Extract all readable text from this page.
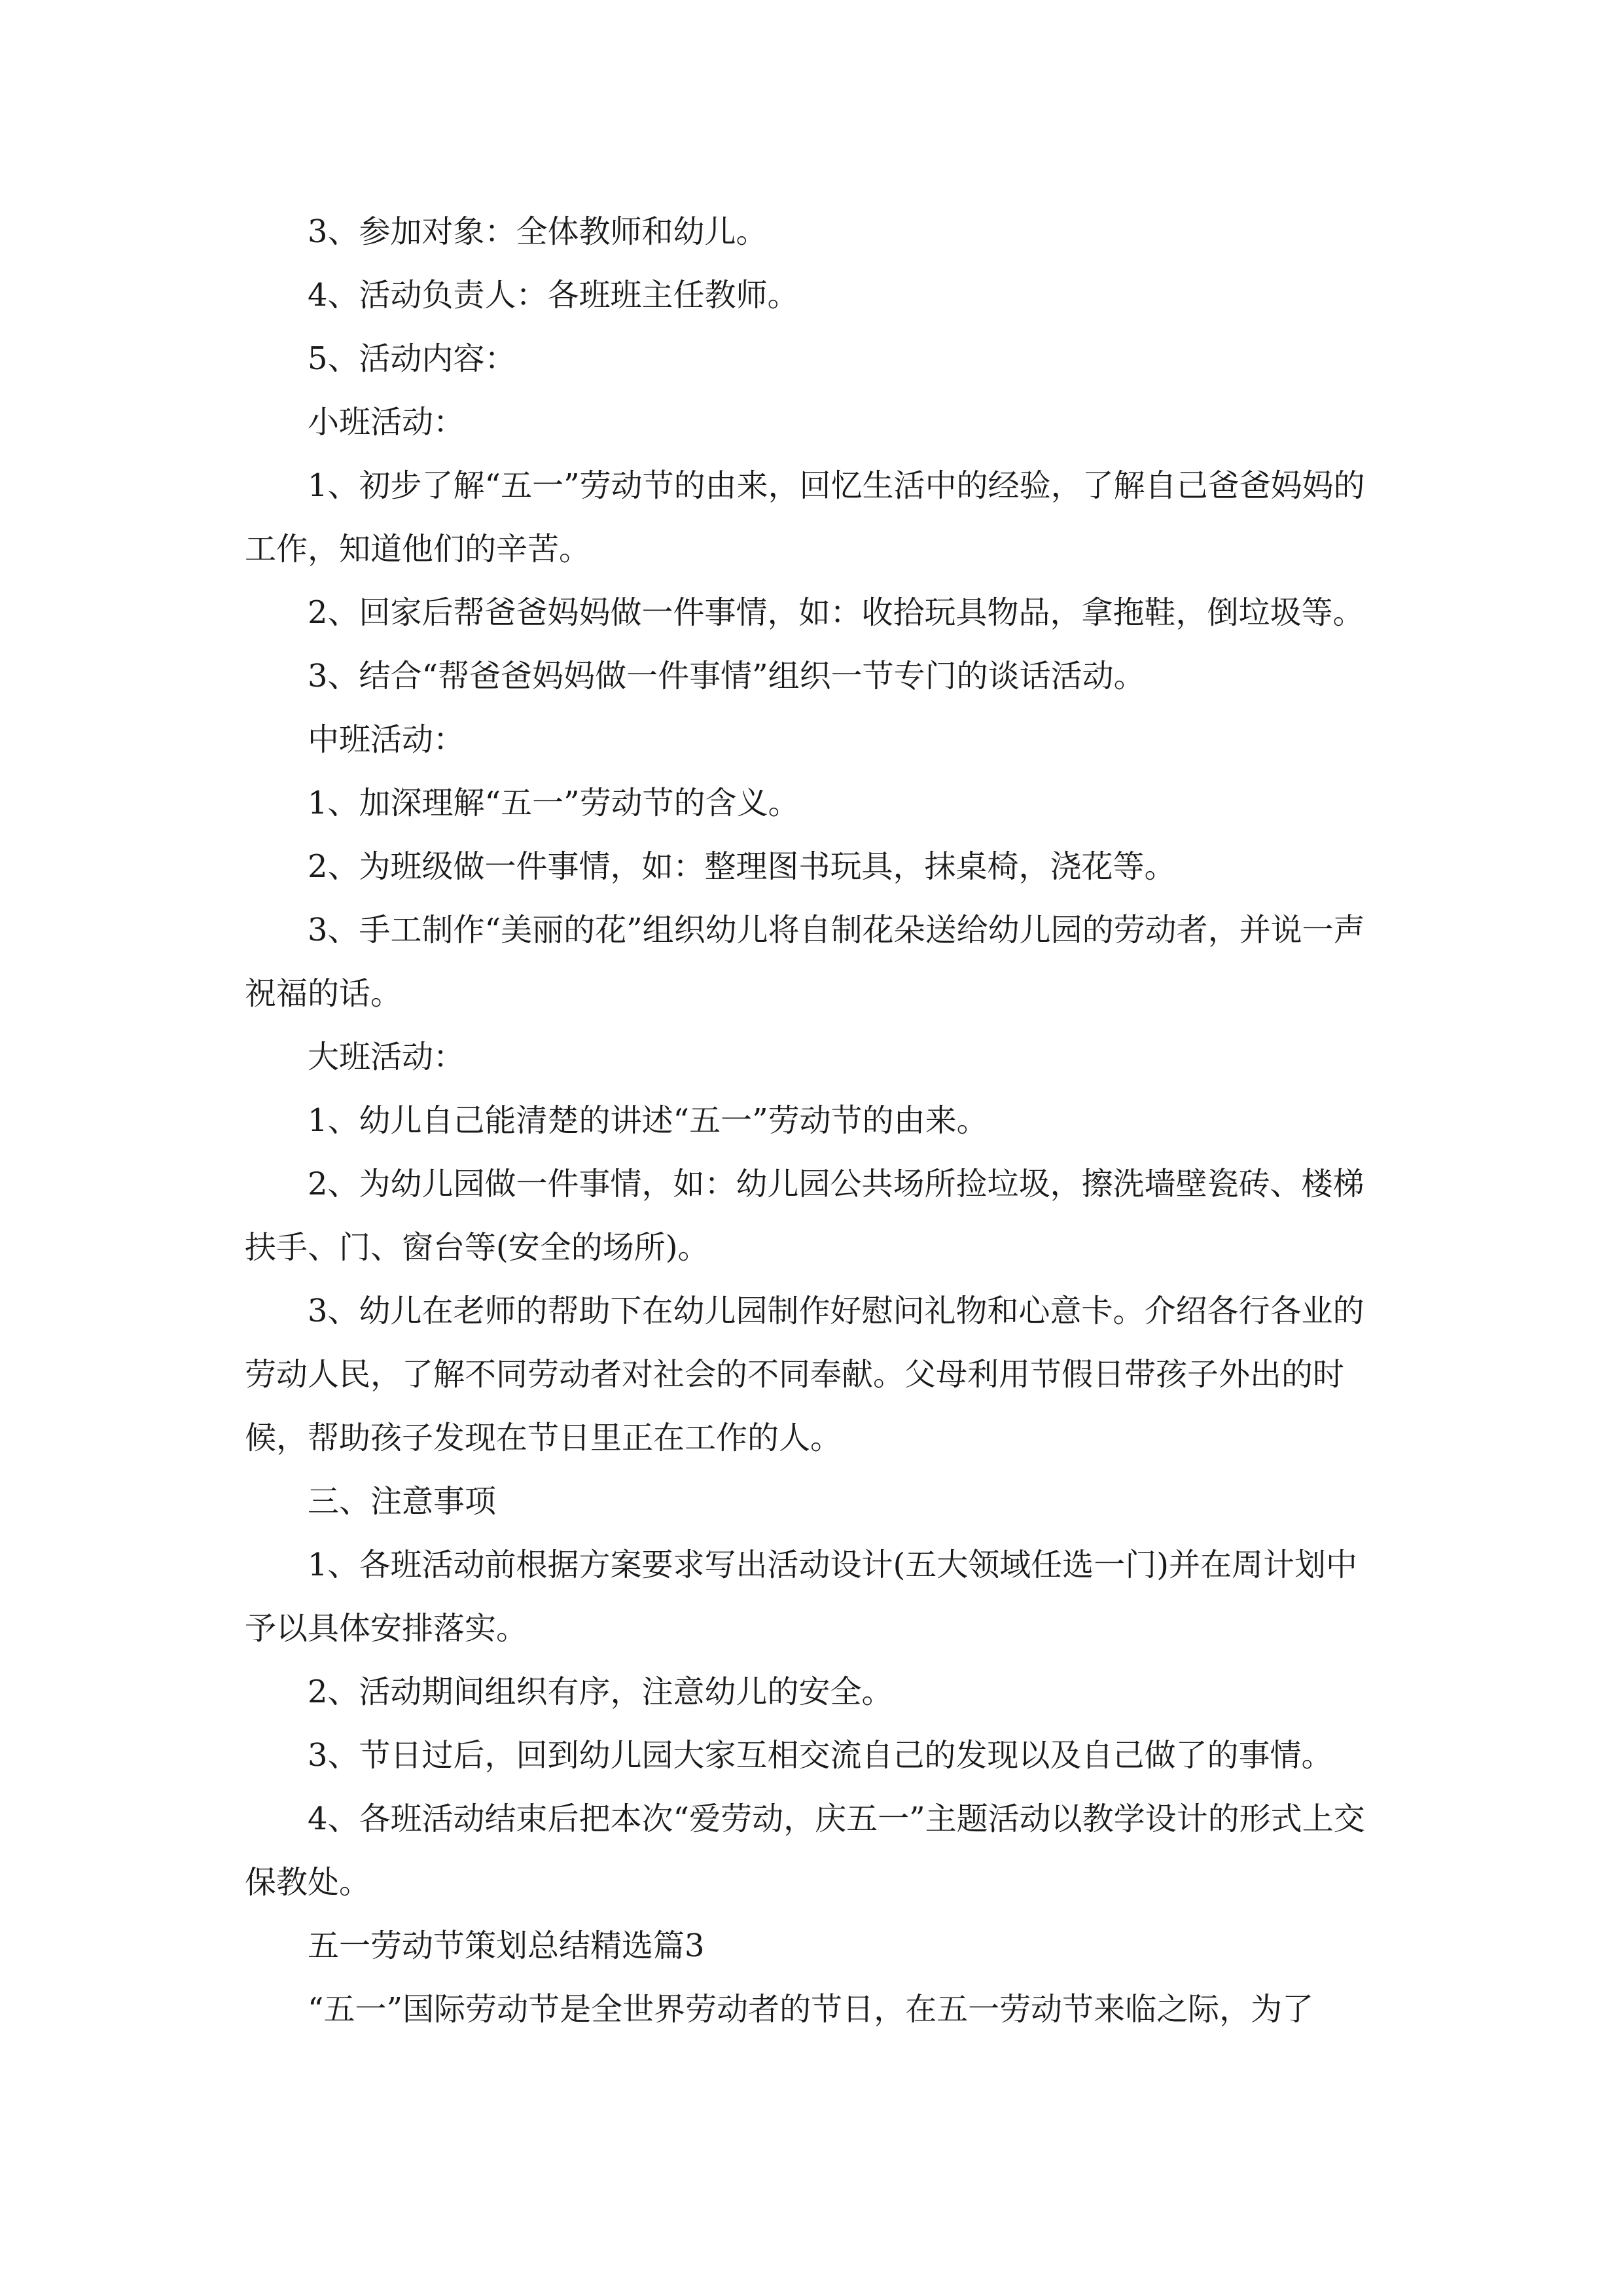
3、参加对象：全体教师和幼儿。

4、活动负责人：各班班主任教师。

5、活动内容：

小班活动：

1、初步了解“五一”劳动节的由来，回忆生活中的经验，了解自己爸爸妈妈的工作，知道他们的辛苦。

2、回家后帮爸爸妈妈做一件事情，如：收拾玩具物品，拿拖鞋，倒垃圾等。

3、结合“帮爸爸妈妈做一件事情”组织一节专门的谈话活动。

中班活动：

1、加深理解“五一”劳动节的含义。

2、为班级做一件事情，如：整理图书玩具，抹桌椅，浇花等。

3、手工制作“美丽的花”组织幼儿将自制花朵送给幼儿园的劳动者，并说一声祝福的话。

大班活动：

1、幼儿自己能清楚的讲述“五一”劳动节的由来。

2、为幼儿园做一件事情，如：幼儿园公共场所捡垃圾，擦洗墙壁瓷砖、楼梯扶手、门、窗台等(安全的场所)。

3、幼儿在老师的帮助下在幼儿园制作好慰问礼物和心意卡。介绍各行各业的劳动人民，了解不同劳动者对社会的不同奉献。父母利用节假日带孩子外出的时候，帮助孩子发现在节日里正在工作的人。

三、注意事项

1、各班活动前根据方案要求写出活动设计(五大领域任选一门)并在周计划中予以具体安排落实。

2、活动期间组织有序，注意幼儿的安全。

3、节日过后，回到幼儿园大家互相交流自己的发现以及自己做了的事情。

4、各班活动结束后把本次“爱劳动，庆五一”主题活动以教学设计的形式上交保教处。

五一劳动节策划总结精选篇3

“五一”国际劳动节是全世界劳动者的节日，在五一劳动节来临之际，为了
